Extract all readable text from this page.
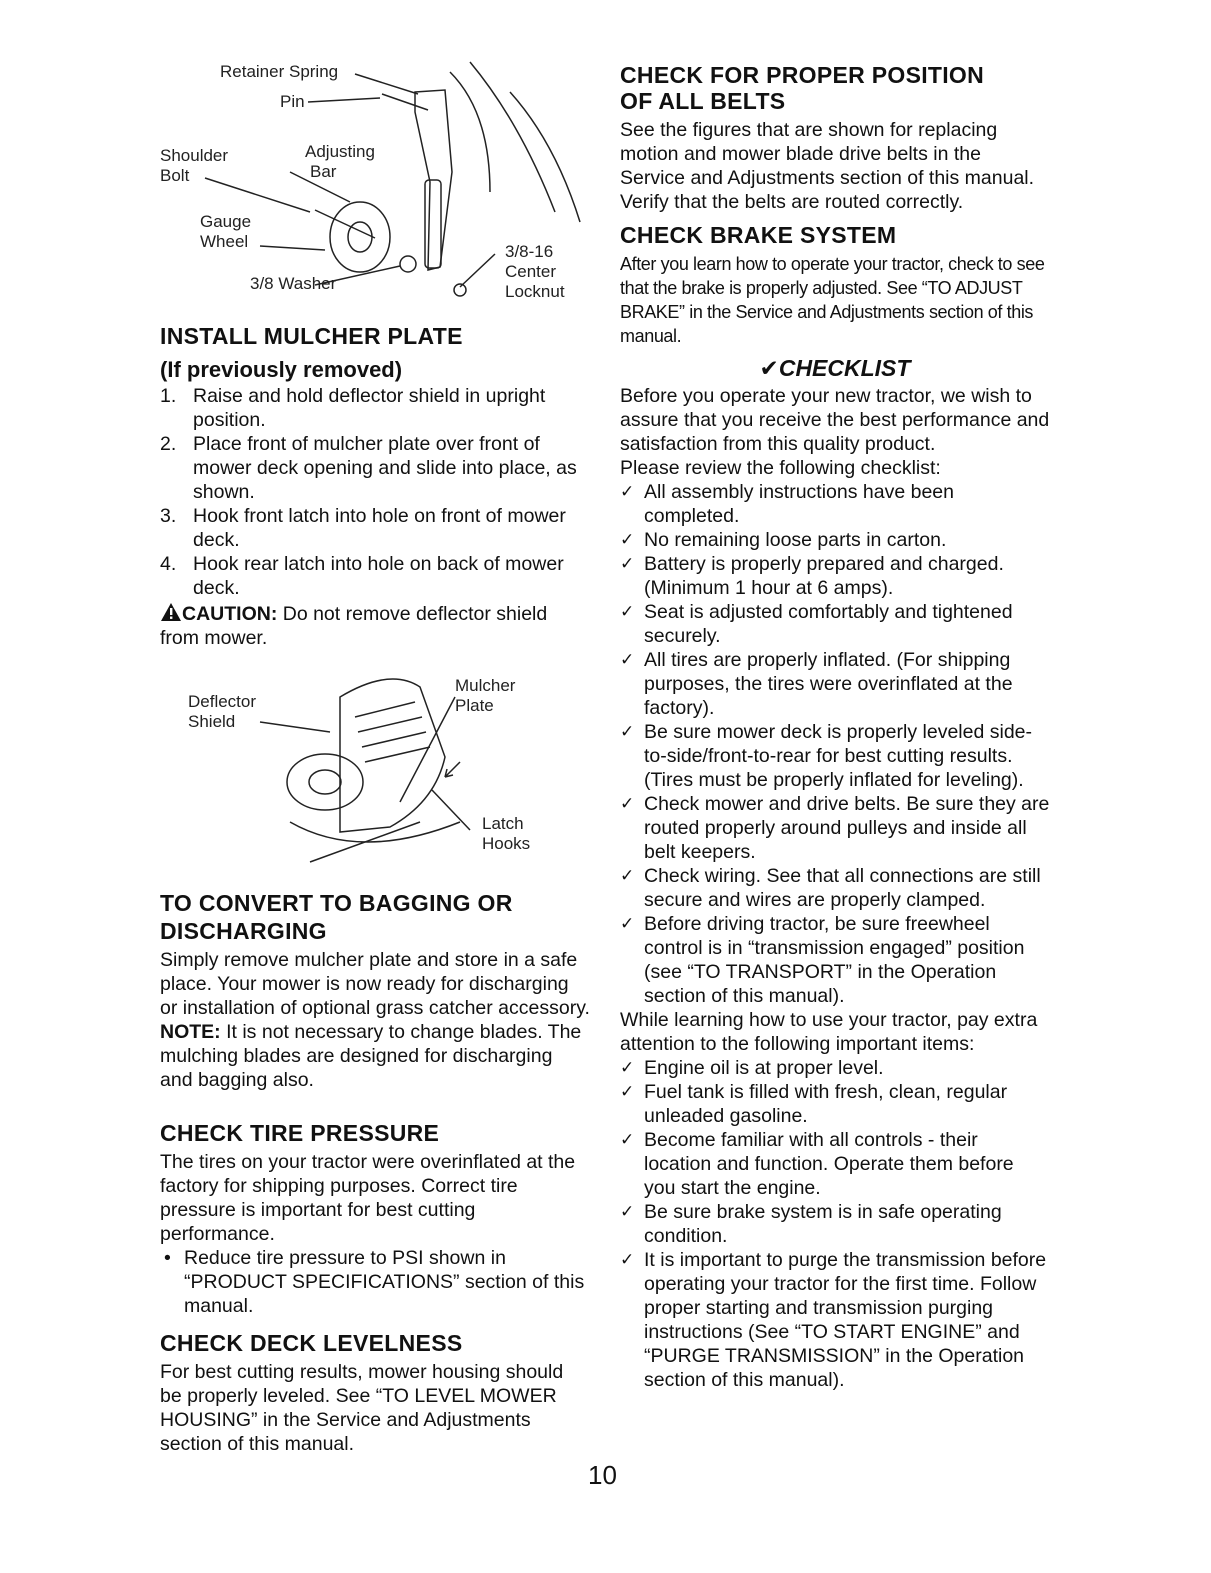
Retainer Spring
Pin
Shoulder
Bolt
Adjusting
Bar
Gauge
Wheel
3/8 Washer
3/8-16
Center
Locknut
INSTALL MULCHER PLATE
(If previously removed)
1. Raise and hold deflector shield in upright position.
2. Place front of mulcher plate over front of mower deck opening and slide into place, as shown.
3. Hook front latch into hole on front of mower deck.
4. Hook rear latch into hole on back of mower deck.
CAUTION: Do not remove deflector shield from mower.
Deflector
Shield
Mulcher
Plate
Latch
Hooks
TO CONVERT TO BAGGING OR
DISCHARGING

Simply remove mulcher plate and store in a safe place. Your mower is now ready for discharging or installation of optional grass catcher accessory.

NOTE: It is not necessary to change blades. The mulching blades are designed for discharging and bagging also.

CHECK TIRE PRESSURE

The tires on your tractor were overinflated at the factory for shipping purposes. Correct tire pressure is important for best cutting performance.

• Reduce tire pressure to PSI shown in “PRODUCT SPECIFICATIONS” section of this manual.
CHECK DECK LEVELNESS

For best cutting results, mower housing should be properly leveled. See “TO LEVEL MOWER HOUSING” in the Service and Adjustments section of this manual.

CHECK FOR PROPER POSITION
OF ALL BELTS

See the figures that are shown for replacing motion and mower blade drive belts in the Service and Adjustments section of this manual. Verify that the belts are routed correctly.

CHECK BRAKE SYSTEM

After you learn how to operate your tractor, check to see that the brake is properly adjusted. See “TO ADJUST BRAKE” in the Service and Adjustments section of this manual.

✔CHECKLIST

Before you operate your new tractor, we wish to assure that you receive the best performance and satisfaction from this quality product.

Please review the following checklist:

✓ All assembly instructions have been completed.
✓ No remaining loose parts in carton.
✓ Battery is properly prepared and charged. (Minimum 1 hour at 6 amps).
✓ Seat is adjusted comfortably and tightened securely.
✓ All tires are properly inflated. (For shipping purposes, the tires were overinflated at the factory).
✓ Be sure mower deck is properly leveled side-to-side/front-to-rear for best cutting results. (Tires must be properly inflated for leveling).
✓ Check mower and drive belts. Be sure they are routed properly around pulleys and inside all belt keepers.
✓ Check wiring. See that all connections are still secure and wires are properly clamped.
✓ Before driving tractor, be sure freewheel control is in “transmission engaged” position (see “TO TRANSPORT” in the Operation section of this manual).

While learning how to use your tractor, pay extra attention to the following important items:

✓ Engine oil is at proper level.
✓ Fuel tank is filled with fresh, clean, regular unleaded gasoline.
✓ Become familiar with all controls - their location and function. Operate them before you start the engine.
✓ Be sure brake system is in safe operating condition.
✓ It is important to purge the transmission before operating your tractor for the first time. Follow proper starting and transmission purging instructions (See “TO START ENGINE” and “PURGE TRANSMISSION” in the Operation section of this manual).
10
